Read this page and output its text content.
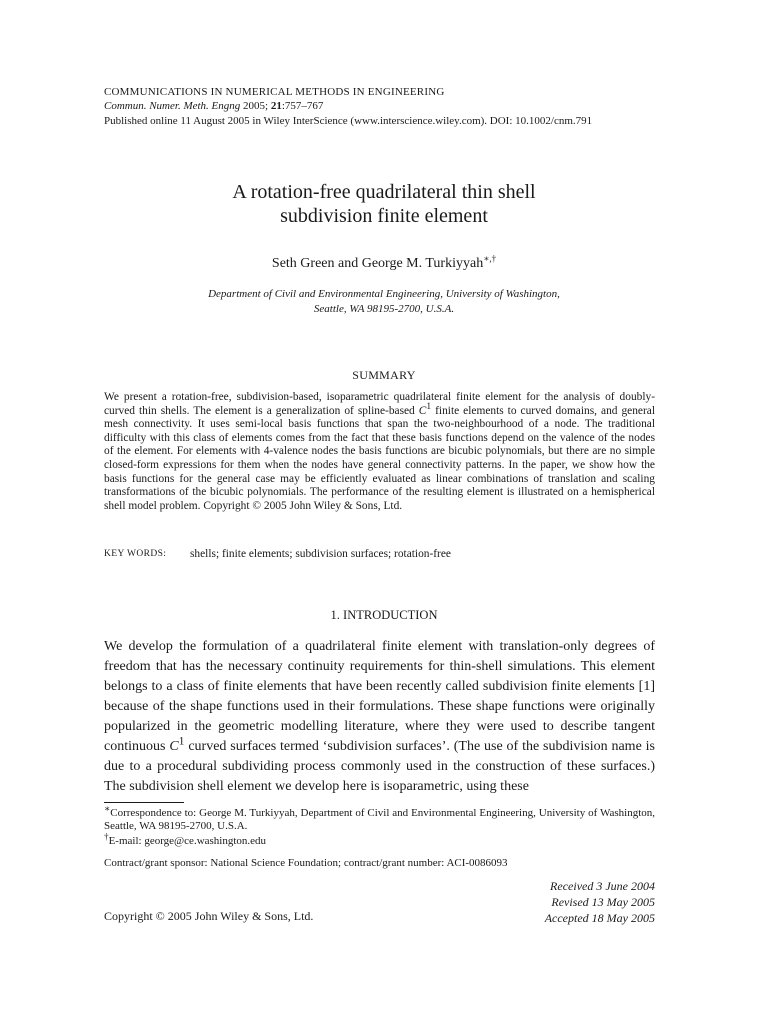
COMMUNICATIONS IN NUMERICAL METHODS IN ENGINEERING
Commun. Numer. Meth. Engng 2005; 21:757–767
Published online 11 August 2005 in Wiley InterScience (www.interscience.wiley.com). DOI: 10.1002/cnm.791
A rotation-free quadrilateral thin shell
subdivision finite element
Seth Green and George M. Turkiyyah∗,†
Department of Civil and Environmental Engineering, University of Washington,
Seattle, WA 98195-2700, U.S.A.
SUMMARY
We present a rotation-free, subdivision-based, isoparametric quadrilateral finite element for the analysis of doubly-curved thin shells. The element is a generalization of spline-based $C^1$ finite elements to curved domains, and general mesh connectivity. It uses semi-local basis functions that span the two-neighbourhood of a node. The traditional difficulty with this class of elements comes from the fact that these basis functions depend on the valence of the nodes of the element. For elements with 4-valence nodes the basis functions are bicubic polynomials, but there are no simple closed-form expressions for them when the nodes have general connectivity patterns. In the paper, we show how the basis functions for the general case may be efficiently evaluated as linear combinations of translation and scaling transformations of the bicubic polynomials. The performance of the resulting element is illustrated on a hemispherical shell model problem. Copyright © 2005 John Wiley & Sons, Ltd.
KEY WORDS: shells; finite elements; subdivision surfaces; rotation-free
1. INTRODUCTION
We develop the formulation of a quadrilateral finite element with translation-only degrees of freedom that has the necessary continuity requirements for thin-shell simulations. This element belongs to a class of finite elements that have been recently called subdivision finite elements [1] because of the shape functions used in their formulations. These shape functions were originally popularized in the geometric modelling literature, where they were used to describe tangent continuous $C^1$ curved surfaces termed ‘subdivision surfaces’. (The use of the subdivision name is due to a procedural subdividing process commonly used in the construction of these surfaces.) The subdivision shell element we develop here is isoparametric, using these
∗Correspondence to: George M. Turkiyyah, Department of Civil and Environmental Engineering, University of Washington, Seattle, WA 98195-2700, U.S.A.
†E-mail: george@ce.washington.edu
Contract/grant sponsor: National Science Foundation; contract/grant number: ACI-0086093
Received 3 June 2004
Revised 13 May 2005
Accepted 18 May 2005
Copyright © 2005 John Wiley & Sons, Ltd.
